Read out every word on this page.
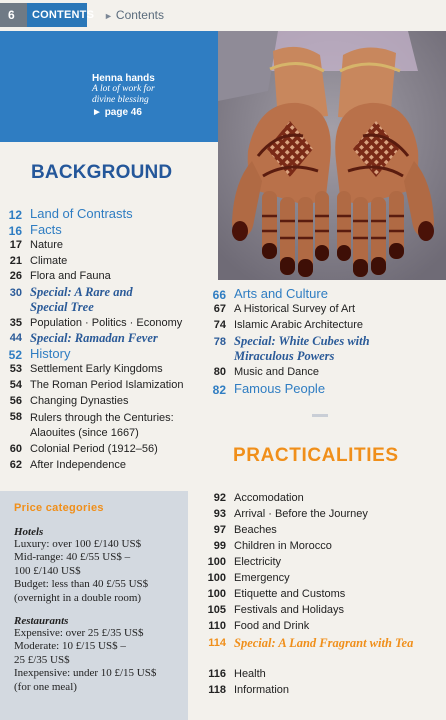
6	CONTENTS ► Contents
Henna hands
A lot of work for
divine blessing
► page 46
BACKGROUND
12 Land of Contrasts
16 Facts
17 Nature
21 Climate
26 Flora and Fauna
30 Special: A Rare and Special Tree
35 Population · Politics · Economy
44 Special: Ramadan Fever
52 History
53 Settlement Early Kingdoms
54 The Roman Period Islamization
56 Changing Dynasties
58 Rulers through the Centuries: Alaouites (since 1667)
60 Colonial Period (1912–56)
62 After Independence
66 Arts and Culture
67 A Historical Survey of Art
74 Islamic Arabic Architecture
78 Special: White Cubes with Miraculous Powers
80 Music and Dance
82 Famous People
PRACTICALITIES
92 Accomodation
93 Arrival · Before the Journey
97 Beaches
99 Children in Morocco
100 Electricity
100 Emergency
100 Etiquette and Customs
105 Festivals and Holidays
110 Food and Drink
114 Special: A Land Fragrant with Tea
116 Health
118 Information
Price categories
Hotels
Luxury: over 100 £/140 US$
Mid-range: 40 £/55 US$ –
100 £/140 US$
Budget: less than 40 £/55 US$
(overnight in a double room)
Restaurants
Expensive: over 25 £/35 US$
Moderate: 10 £/15 US$ –
25 £/35 US$
Inexpensive: under 10 £/15 US$
(for one meal)
